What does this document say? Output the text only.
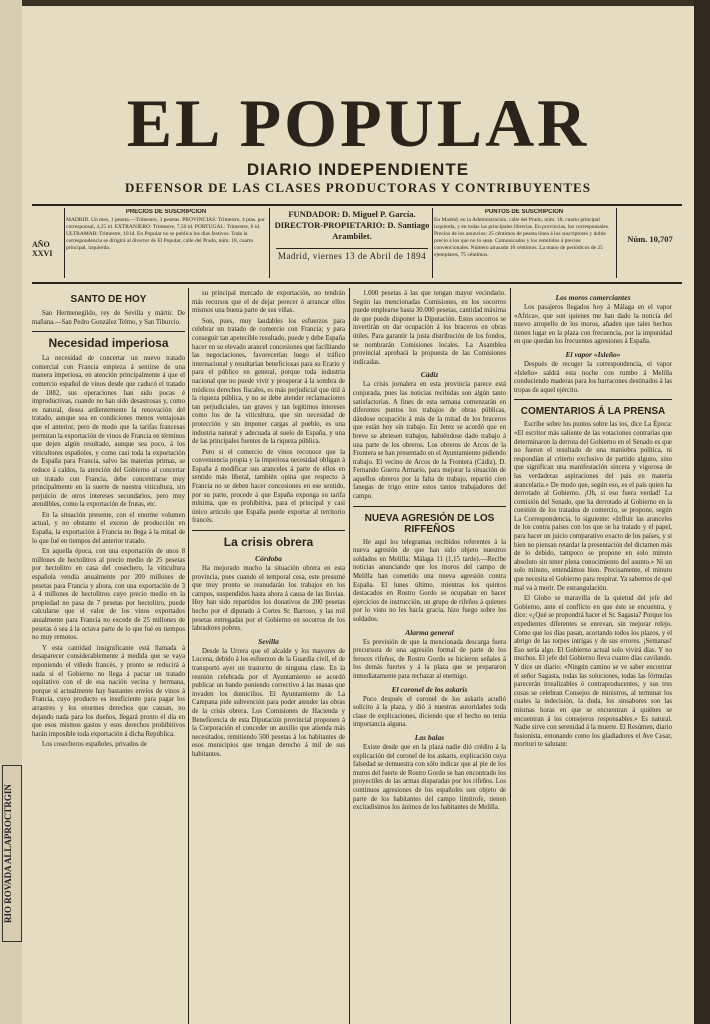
RIO ROVADA ALLAPROCTRGIN
EL POPULAR
DIARIO INDEPENDIENTE
DEFENSOR DE LAS CLASES PRODUCTORAS Y CONTRIBUYENTES
AÑO XXVI
PRECIOS DE SUSCRIPCION
MADRID. Un mes, 1 peseta.—Trimestre, 3 pesetas. PROVINCIAS: Trimestre, 4 ptas. por corresponsal, 4,25 id. EXTRANJERO: Trimestre, 7,50 id. PORTUGAL: Trimestre, 6 id. ULTRAMAR: Trimestre, 10 id. En Popular no se publica los días festivos. Toda la correspondencia se dirigirá al director de El Popular, calle del Prado, núm. 18, cuarto principal, izquierda.
FUNDADOR: D. Miguel P. García.
DIRECTOR-PROPIETARIO: D. Santiago Arambilet.
Madrid, viernes 13 de Abril de 1894
PUNTOS DE SUSCRIPCION
En Madrid, en la Administración, calle del Prado, núm. 18, cuarto principal izquierda, y en todas las principales librerías. En provincias, los corresponsales. Precios de los anuncios: 25 céntimos de peseta línea á los suscriptores y doble precio á los que no lo sean. Comunicados y los remitidos á precios convencionales. Número atrasado 10 céntimos. La mano de periódicos de 25 ejemplares, 75 céntimos.
Núm. 10,707
SANTO DE HOY

San Hermenegildo, rey de Sevilla y mártir. De mañana.—San Pedro González Telmo, y San Tiburcio.

Necesidad imperiosa

La necesidad de concertar un nuevo tratado comercial con Francia empieza á sentirse de una manera imperiosa, en atención principalmente á que el comercio español de vinos desde que caducó el tratado de 1882, sus operaciones han sido pocas é improductivas, cuando no han sido desastrosas y, como es natural, desea ardientemente la renovación del tratado, aunque sea en condiciones menos ventajosas que el anterior, pero de modo que la tarifas francesas permitan la exportación de vinos de Francia en términos que dejen algún resultado, aunque sea poco, á los viticultores españoles, y como casi toda la exportación de España para Francia, salvo las materias primas, se reduce á caldos, la atención del Gobierno al concertar un tratado con Francia, debe concentrarse muy principalmente en la suerte de nuestra viticultura, sin perjuicio de otros intereses secundarios, pero muy atendibles, como la exportación de frutas, etc.

En la situación presente, con el enorme volumen actual, y no obstante el exceso de producción en España, la exportación á Francia no llega á la mitad de lo que fué en tiempos del anterior tratado.

En aquella época, con una exportación de unos 8 millones de hectolitros al precio medio de 25 pesetas por hectolitro en casa del cosechero, la viticultura española vendía anualmente por 200 millones de pesetas para Francia y ahora, con una exportación de 3 á 4 millones de hectolitros cuyo precio medio en la propiedad no pasa de 7 pesetas por hectolitro, puede calcularse que el valor de los vinos exportados anualmente para Francia no excede de 25 millones de pesetas ó sea á la octava parte de lo que fué en tiempos no muy remotos.

Y esta cantidad insignificante está llamada á desaparecer considerablemente á medida que se vaya reponiendo el viñedo francés, y pronto se reducirá á nada si el Gobierno no llega á pactar un tratado equitativo con el de esa nación vecina y hermana, porque si actualmente hay bastantes envíos de vinos á Francia, cuyo producto es insuficiente para pagar los arrastres y los enormes derechos que causan, no dejando nada para los dueños, llegará pronto el día en que esos mismos gastos y esos derechos prohibitivos harán imposible toda exportación á dicha República.

Los cosecheros españoles, privados de

su principal mercado de exportación, no tendrán más recursos que el de dejar perecer ó arrancar ellos mismos una buena parte de sus viñas.

Son, pues, muy laudables los esfuerzos para celebrar un tratado de comercio con Francia; y para conseguir tan apetecible resultado, puede y debe España hacer en su elevado arancel concesiones que facilitando las negociaciones, favorecerían luego el tráfico internacional y resultarían beneficiosas para su Erario y para el público en general, porque toda industria nacional que no puede vivir y prosperar á la sombra de módicos derechos fiscales, es más perjudicial que útil á la riqueza pública, y no se debe atender reclamaciones tan perjudiciales, tan graves y tan legítimos intereses como los de la viticultura, que sin necesidad de protección y sin imponer cargas al pueblo, es una industria natural y adecuada al suelo de España, y una de las principales fuentes de la riqueza pública.

Pero si el comercio de vinos reconoce que la conveniencia propia y la imperiosa necesidad obligan á España á modificar sus aranceles á parte de ellos en sentido más liberal, también opina que respecto á Francia no se deben hacer concesiones en ese sentido, por su parte, procede á que España exponga su tarifa mínima, que es prohibitiva, para el principal y casi único artículo que España puede exportar al territorio francés.

La crisis obrera
Córdoba

Ha mejorado mucho la situación obrera en esta provincia, pues cuando el temporal cesa, este presumé que muy pronto se reanudarán los trabajos en los campos, suspendidos hasta ahora á causa de las lluvias. Hoy han sido repartidos los donativos de 200 pesetas hecho por el diputado á Cortes Sr. Barroso, y las mil pesetas entregadas por el Gobierno en socorros de los labradores pobres.

Sevilla

Desde la Urrera que el alcalde y los mayores de Lucena, debido á los esfuerzos de la Guardia civil, el de transportó ayer un trastorno de ninguna clase. En la reunión celebrada por el Ayuntamiento se acordó publicar un bando poniendo correctivo á las masas que invaden los domicilios. El Ayuntamiento de La Campana pide subvención para poder atender las obras de la crisis obrera. Los Comisiones de Hacienda y Beneficencia de esta Diputación provincial proponen á la Corporación el conceder un auxilio que atienda más necesitados, remitiendo 500 pesetas á los habitantes de esos municipios que tengan derecho á mil de sus habitantes.

1.000 pesetas á las que tengan mayor vecindario. Según las mencionadas Comisiones, en los socorros puede emplearse hasta 30.000 pesetas, cantidad máxima de que puede disponer la Diputación. Estos socorros se invertirán en dar ocupación á los braceros en obras útiles. Para garantir la justa distribución de los fondos, se nombrarán Comisiones locales. La Asamblea provincial aprobará la propuesta de las Comisiones indicadas.

Cádiz

La crisis jornalera en esta provincia parece está conjurada, pues las noticias recibidas son algún tanto satisfactorias. A fines de esta semana comenzarán en diferentes puntos los trabajos de obras públicas, dándose ocupación á más de la mitad de los braceros que están hoy sin trabajo. En Jerez se acordó que en breve se abriesen trabajos, habiéndose dado trabajo á una parte de los obreros. Los obreros de Arcos de la Frontera se han presentado en el Ayuntamiento pidiendo trabajo. El vecino de Arcos de la Frontera (Cádiz), D. Fernando Guerra Armario, para mejorar la situación de aquellos obreros por la falta de trabajo, repartió cien fanegas de trigo entre estos tantos trabajadores del campo.

NUEVA AGRESIÓN DE LOS RIFFEÑOS

He aquí los telegramas recibidos referentes á la nueva agresión de que han sido objeto nuestros soldados en Melilla: Málaga 11 (1,15 tarde).—Recibe noticias anunciando que los moros del campo de Melilla han cometido una nueva agresión contra España. El lunes último, mientras los quintos destacados en Rostro Gordo se ocupaban en hacer ejercicios de instrucción, un grupo de rifeños á quienes por lo visto no les hacía gracia, hizo fuego sobre los soldados.

Alarma general

Es previsión de que la mencionada descarga fuera precursora de una agresión formal de parte de los feroces rifeños, de Rostro Gordo se hicieron señales á los demás fuertes y á la plaza que se prepararon inmediatamente para rechazar al enemigo.

El coronel de los askaris

Poco después el coronel de los askaris acudió solícito á la plaza, y dió á nuestras autoridades toda clase de explicaciones, diciendo que el hecho no tenía importancia alguna.

Las balas

Existe desde que en la plaza nadie dió crédito á la explicación del coronel de los askaris, explicación cuya falsedad se demuestra con sólo indicar que al pie de los muros del fuerte de Rostro Gordo se han encontrado los proyectiles de las armas disparadas por los rifeños. Los continuos agresiones de los españoles son objeto de parte de los habitantes del campo limítrofe, tienen excitadísimos los ánimos de los habitantes de Melilla.

Los moros comerciantes

Los pasajeros llegados hoy á Málaga en el vapor «Africa», que son quienes me han dado la noticia del nuevo atropello de los moros, añaden que tales hechos tienen lugar en la plaza con frecuencia, por la impunidad en que quedan los frecuentes agresiones á España.

El vapor «Isleño»

Después de recoger la correspondencia, el vapor «Isleño» saldrá esta noche con rumbo á Melilla conduciendo maderas para los barracones destinados á las tropas de aquel ejército.

COMENTARIOS Á LA PRENSA

Escribe sobre los puntos sobre las ios, dice La Época: «El escritor más saliente de las votaciones contrarias que determinaron la derrota del Gobierno en el Senado es que no fueron el resultado de una maniobra política, ni respondían al criterio exclusivo de partido alguno, sino que significan una manifestación sincera y vigorosa de las verdaderas aspiraciones del país en materia arancelaria.» De modo que, según eso, es el país quien ha derrotado al Gobierno. ¡Oh, si eso fuera verdad! La comisión del Senado, que ha derrotado al Gobierno en la cuestión de los tratados de comercio, se propone, según La Correspondencia, lo siguiente: «Influir las aranceles de los contra países con los que se ha tratado y el papel, para hacer un juicio comparativo exacto de los países, y si bien no piensan retardar la presentación del dictamen más de lo debido, tampoco se propone en solo minuto absoluto sin tener plena conocimiento del asunto.» Ni un solo minuto, entendámos bien. Precisamente, el minuto que necesita el Gobierno para respirar. Ya sabemos de qué mal va á morir. De estrangulación.

El Globo se maravilla de la quietud del jefe del Gobierno, ante el conflicto en que éste se encuentra, y dice: «¿Qué se propondrá hacer el Sr. Sagasta? Porque los expedientes diferentes se enrevan, sin mejorar relejo. Como que los días pasan, acortando todos los plazos, y el abrigo de las torpes intrigas y de sus errores. ¡Semanas! Eso sería algo. El Gobierno actual solo vivirá días. Y no muchos. El jefe del Gobierno lleva cuatro días cavilando. Y dice un diario: «Ningún camino se ve saber encontrar el señor Sagasta, todas las soluciones, todas las fórmulas parecerán irrealizables ó contraproducentes, y sus tres cosas se celebran Consejos de ministros, al terminar los cuales la indecisión, la duda, los sinsabores son las mismas horas en que se encuentran á quiénes se encuentran á los consejeros responsables.» Es natural. Nadie sirve con serenidad á la muerte. El Resúmen, diario fusionista, entonando como los gladiadores el Ave Cesar, morituri te salutant:
